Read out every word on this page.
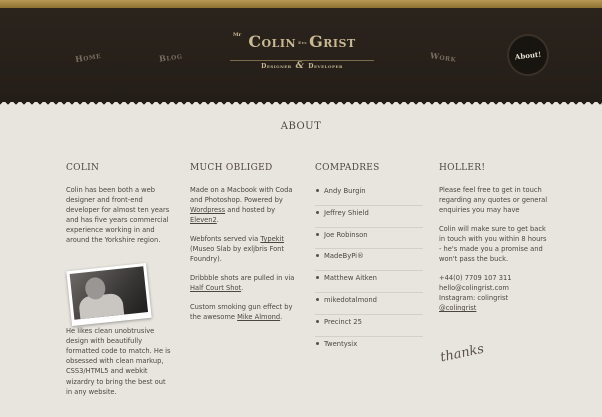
Home	Blog	Work	About!
Mr Colin Ees Grist
Designer & Developer
ABOUT
COLIN

Colin has been both a web designer and front-end developer for almost ten years and has five years commercial experience working in and around the Yorkshire region.

He likes clean unobtrusive design with beautifully formatted code to match. He is obsessed with clean markup, CSS3/HTML5 and webkit wizardry to bring the best out in any website.

MUCH OBLIGED

Made on a Macbook with Coda and Photoshop. Powered by Wordpress and hosted by Eleven2.

Webfonts served via Typekit (Museo Slab by exljbris Font Foundry).

Dribbble shots are pulled in via Half Court Shot.

Custom smoking gun effect by the awesome Mike Almond.

COMPADRES
Andy Burgin
Jeffrey Shield
Joe Robinson
MadeByPi®
Matthew Aitken
mikedotalmond
Precinct 25
Twentysix
HOLLER!

Please feel free to get in touch regarding any quotes or general enquiries you may have

Colin will make sure to get back in touch with you within 8 hours - he's made you a promise and won't pass the buck.

+44(0) 7709 107 311

hello@colingrist.com

Instagram: colingrist

@colingrist

thanks
